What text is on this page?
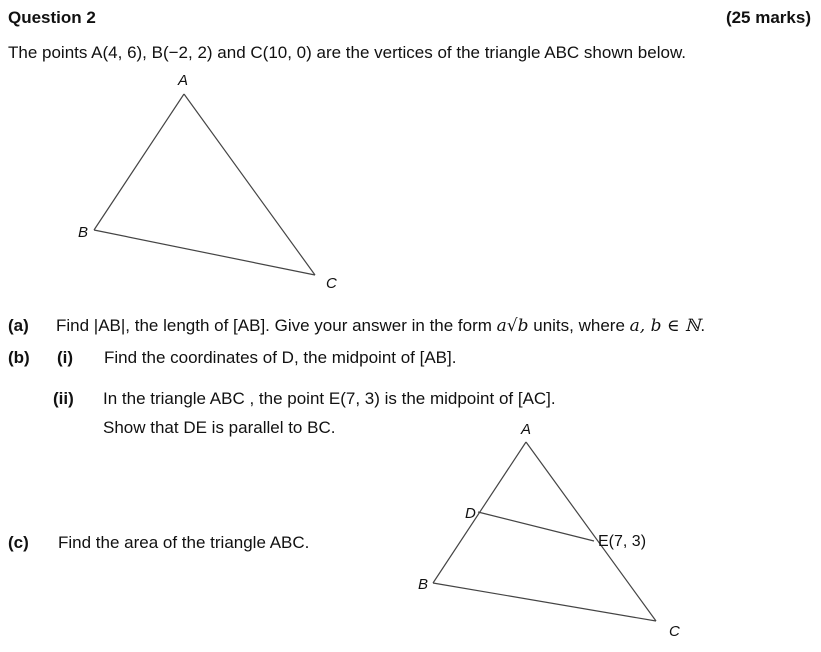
Question 2	(25 marks)
The points A(4, 6), B(−2, 2) and C(10, 0) are the vertices of the triangle ABC shown below.
A
B
C
(a) Find |AB|, the length of [AB]. Give your answer in the form a√b units, where a, b ∈ ℕ.
(b) (i) Find the coordinates of D, the midpoint of [AB].
(ii) In the triangle ABC , the point E(7, 3) is the midpoint of [AC].
Show that DE is parallel to BC.
(c) Find the area of the triangle ABC.
A
B
C
D
E(7, 3)
